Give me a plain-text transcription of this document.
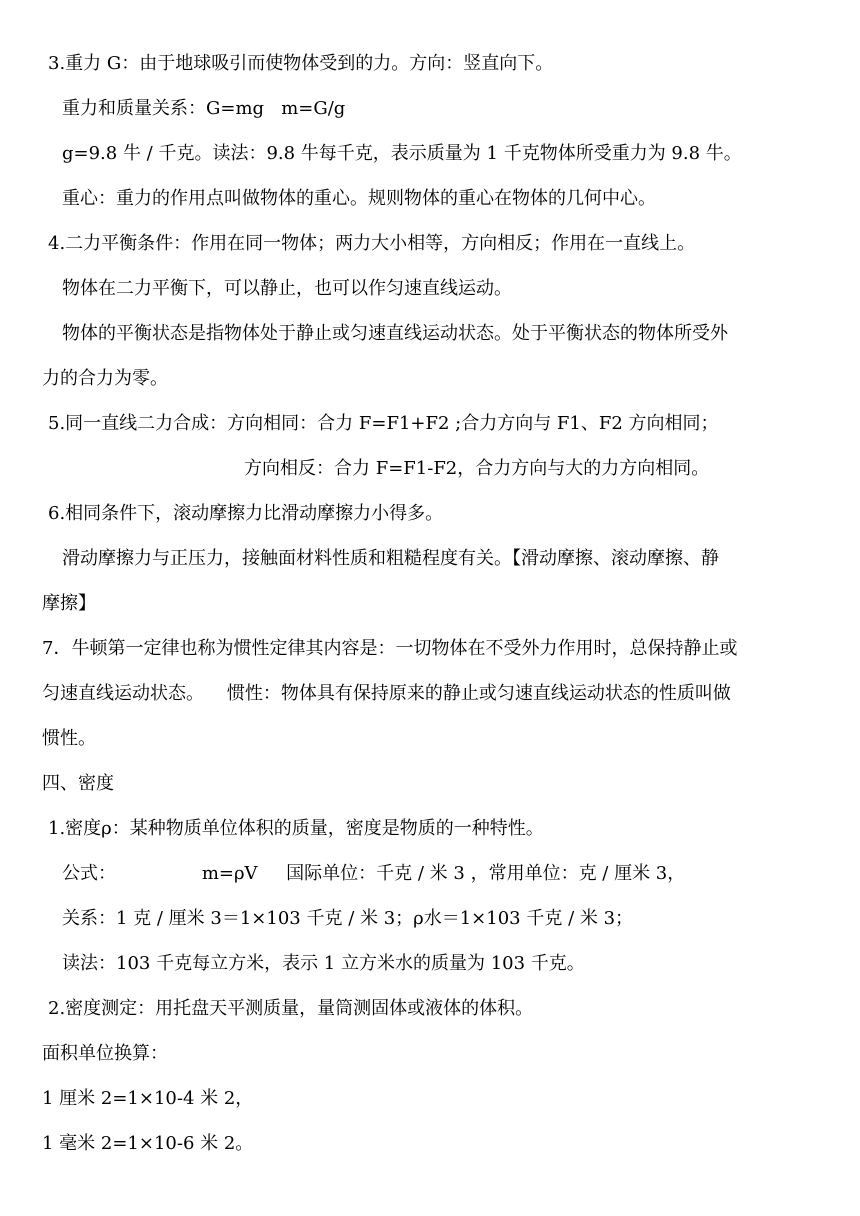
3.重力 G：由于地球吸引而使物体受到的力。方向：竖直向下。
重力和质量关系：G=mg   m=G/g
g=9.8 牛 / 千克。读法：9.8 牛每千克，表示质量为 1 千克物体所受重力为 9.8 牛。
重心：重力的作用点叫做物体的重心。规则物体的重心在物体的几何中心。
4.二力平衡条件：作用在同一物体；两力大小相等，方向相反；作用在一直线上。
物体在二力平衡下，可以静止，也可以作匀速直线运动。
物体的平衡状态是指物体处于静止或匀速直线运动状态。处于平衡状态的物体所受外
力的合力为零。
5.同一直线二力合成：方向相同：合力 F=F1+F2 ;合力方向与 F1、F2 方向相同；
方向相反：合力 F=F1-F2，合力方向与大的力方向相同。
6.相同条件下，滚动摩擦力比滑动摩擦力小得多。
滑动摩擦力与正压力，接触面材料性质和粗糙程度有关。【滑动摩擦、滚动摩擦、静
摩擦】
7．牛顿第一定律也称为惯性定律其内容是：一切物体在不受外力作用时，总保持静止或
匀速直线运动状态。    惯性：物体具有保持原来的静止或匀速直线运动状态的性质叫做
惯性。
四、密度
1.密度ρ：某种物质单位体积的质量，密度是物质的一种特性。
公式：               m=ρV     国际单位：千克 / 米 3 ，常用单位：克 / 厘米 3，
关系：1 克 / 厘米 3＝1×103 千克 / 米 3；ρ水＝1×103 千克 / 米 3；
读法：103 千克每立方米，表示 1 立方米水的质量为 103 千克。
2.密度测定：用托盘天平测质量，量筒测固体或液体的体积。
面积单位换算：
1 厘米 2=1×10-4 米 2，
1 毫米 2=1×10-6 米 2。
